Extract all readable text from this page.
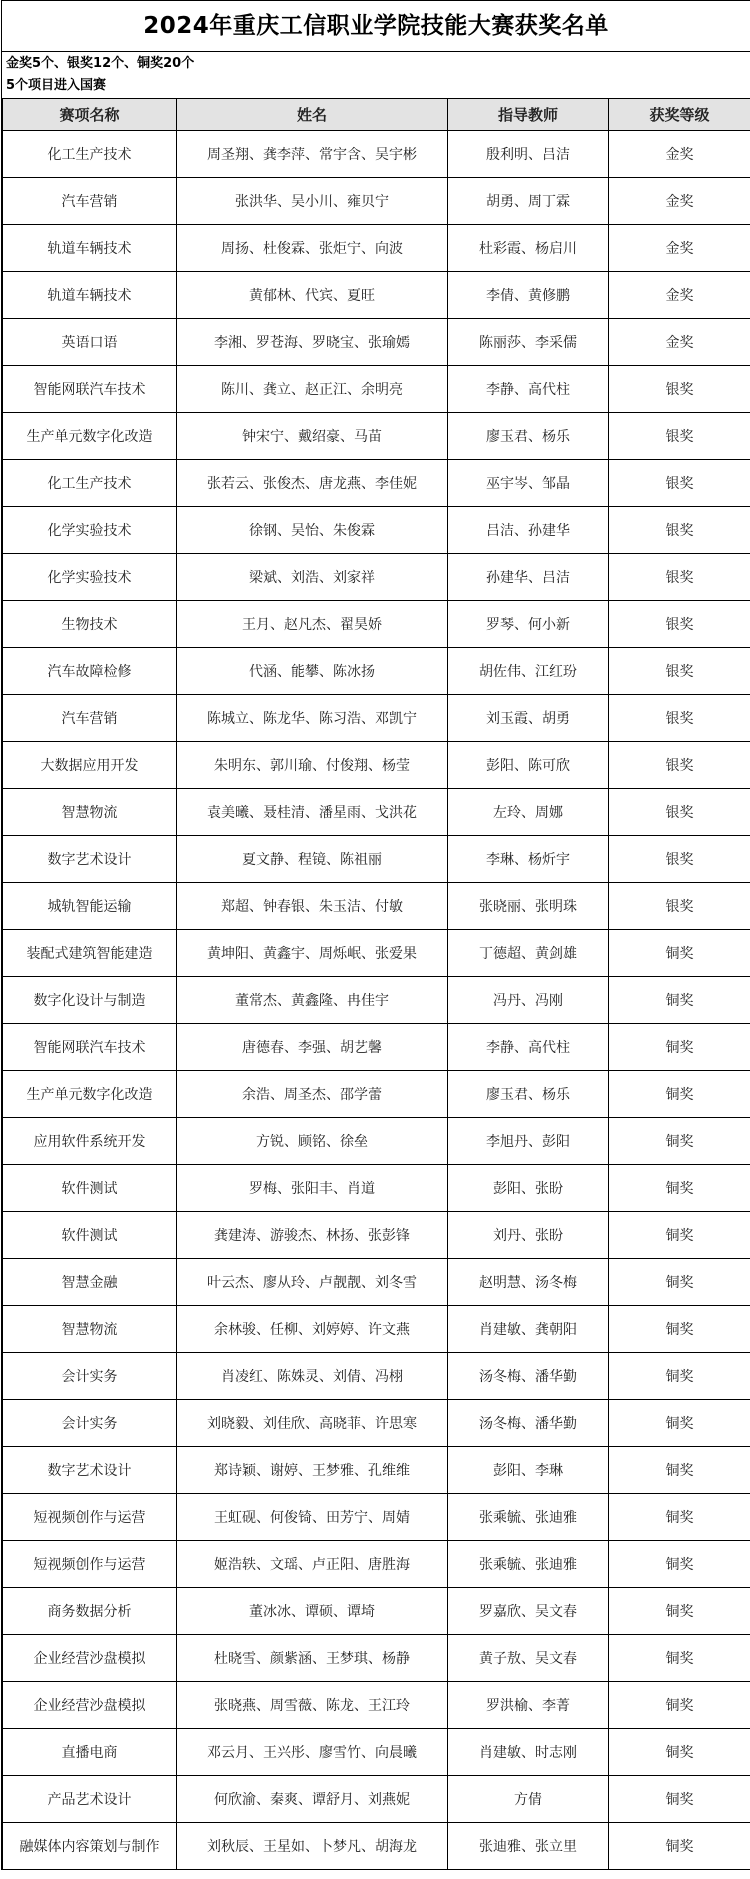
2024年重庆工信职业学院技能大赛获奖名单
金奖5个、银奖12个、铜奖20个
5个项目进入国赛
赛项名称	姓名	指导教师	获奖等级
化工生产技术	周圣翔、龚李萍、常宇含、吴宇彬	殷利明、吕洁	金奖
汽车营销	张洪华、吴小川、雍贝宁	胡勇、周丁霖	金奖
轨道车辆技术	周扬、杜俊霖、张炬宁、向波	杜彩霞、杨启川	金奖
轨道车辆技术	黄郁林、代宾、夏旺	李倩、黄修鹏	金奖
英语口语	李湘、罗苍海、罗晓宝、张瑜嫣	陈丽莎、李采儒	金奖
智能网联汽车技术	陈川、龚立、赵正江、余明亮	李静、高代柱	银奖
生产单元数字化改造	钟宋宁、戴绍豪、马苗	廖玉君、杨乐	银奖
化工生产技术	张若云、张俊杰、唐龙燕、李佳妮	巫宇岑、邹晶	银奖
化学实验技术	徐钢、吴怡、朱俊霖	吕洁、孙建华	银奖
化学实验技术	梁斌、刘浩、刘家祥	孙建华、吕洁	银奖
生物技术	王月、赵凡杰、翟昊娇	罗琴、何小新	银奖
汽车故障检修	代涵、能攀、陈冰扬	胡佐伟、江红玢	银奖
汽车营销	陈城立、陈龙华、陈习浩、邓凯宁	刘玉霞、胡勇	银奖
大数据应用开发	朱明东、郭川瑜、付俊翔、杨莹	彭阳、陈可欣	银奖
智慧物流	袁美曦、聂桂清、潘星雨、戈洪花	左玲、周娜	银奖
数字艺术设计	夏文静、程镜、陈祖丽	李琳、杨炘宇	银奖
城轨智能运输	郑超、钟春银、朱玉洁、付敏	张晓丽、张明珠	银奖
装配式建筑智能建造	黄坤阳、黄鑫宇、周烁岷、张爱果	丁德超、黄剑雄	铜奖
数字化设计与制造	董常杰、黄鑫隆、冉佳宇	冯丹、冯刚	铜奖
智能网联汽车技术	唐德春、李强、胡艺馨	李静、高代柱	铜奖
生产单元数字化改造	余浩、周圣杰、邵学蕾	廖玉君、杨乐	铜奖
应用软件系统开发	方锐、顾铭、徐垒	李旭丹、彭阳	铜奖
软件测试	罗梅、张阳丰、肖道	彭阳、张盼	铜奖
软件测试	龚建涛、游骏杰、林扬、张彭锋	刘丹、张盼	铜奖
智慧金融	叶云杰、廖从玲、卢靓靓、刘冬雪	赵明慧、汤冬梅	铜奖
智慧物流	余林骏、任柳、刘婷婷、许文燕	肖建敏、龚朝阳	铜奖
会计实务	肖凌红、陈姝灵、刘倩、冯栩	汤冬梅、潘华勤	铜奖
会计实务	刘晓毅、刘佳欣、高晓菲、许思寒	汤冬梅、潘华勤	铜奖
数字艺术设计	郑诗颖、谢婷、王梦雅、孔维维	彭阳、李琳	铜奖
短视频创作与运营	王虹砚、何俊锜、田芳宁、周婧	张乘毓、张迪雅	铜奖
短视频创作与运营	姬浩轶、文瑶、卢正阳、唐胜海	张乘毓、张迪雅	铜奖
商务数据分析	董冰冰、谭硕、谭埼	罗嘉欣、吴文春	铜奖
企业经营沙盘模拟	杜晓雪、颜紫涵、王梦琪、杨静	黄子敖、吴文春	铜奖
企业经营沙盘模拟	张晓燕、周雪薇、陈龙、王江玲	罗洪榆、李菁	铜奖
直播电商	邓云月、王兴彤、廖雪竹、向晨曦	肖建敏、时志刚	铜奖
产品艺术设计	何欣渝、秦爽、谭舒月、刘燕妮	方倩	铜奖
融媒体内容策划与制作	刘秋辰、王星如、卜梦凡、胡海龙	张迪雅、张立里	铜奖
